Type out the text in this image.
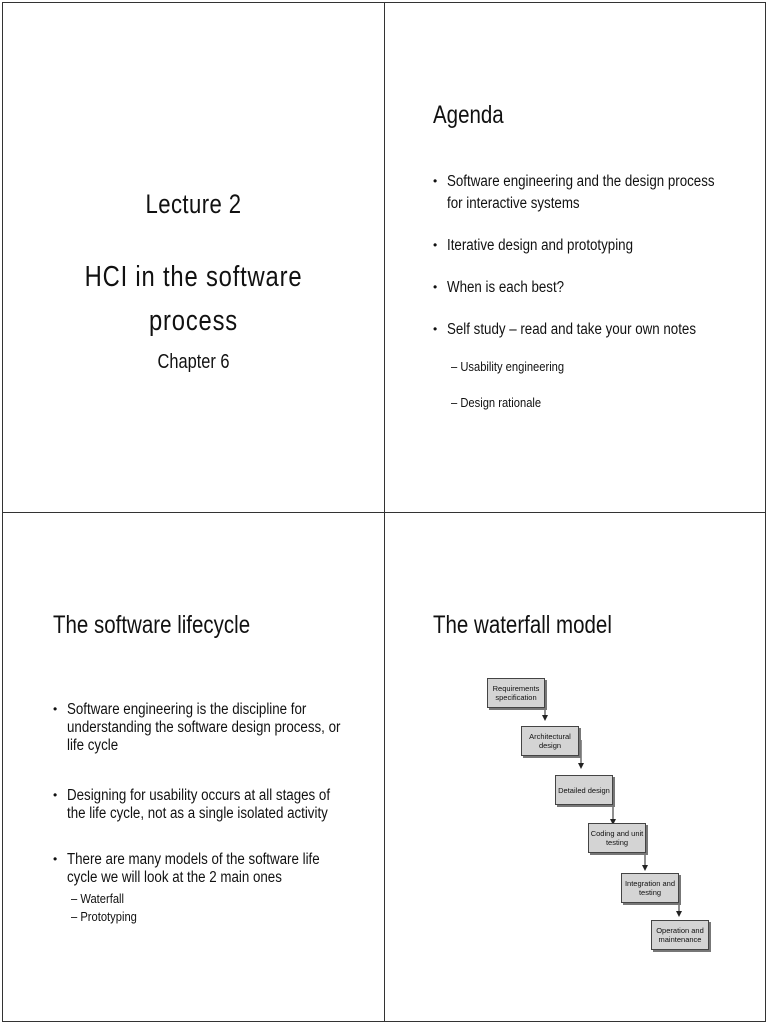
Lecture 2
HCI in the software
process
Chapter 6
Agenda
• Software engineering and the design process
for interactive systems
• Iterative design and prototyping
• When is each best?
• Self study – read and take your own notes
– Usability engineering
– Design rationale
The software lifecycle
• Software engineering is the discipline for
understanding the software design process, or
life cycle
• Designing for usability occurs at all stages of
the life cycle, not as a single isolated activity
• There are many models of the software life
cycle we will look at the 2 main ones
– Waterfall
– Prototyping
The waterfall model
Requirements specification
Architectural design
Detailed design
Coding and unit testing
Integration and testing
Operation and maintenance
